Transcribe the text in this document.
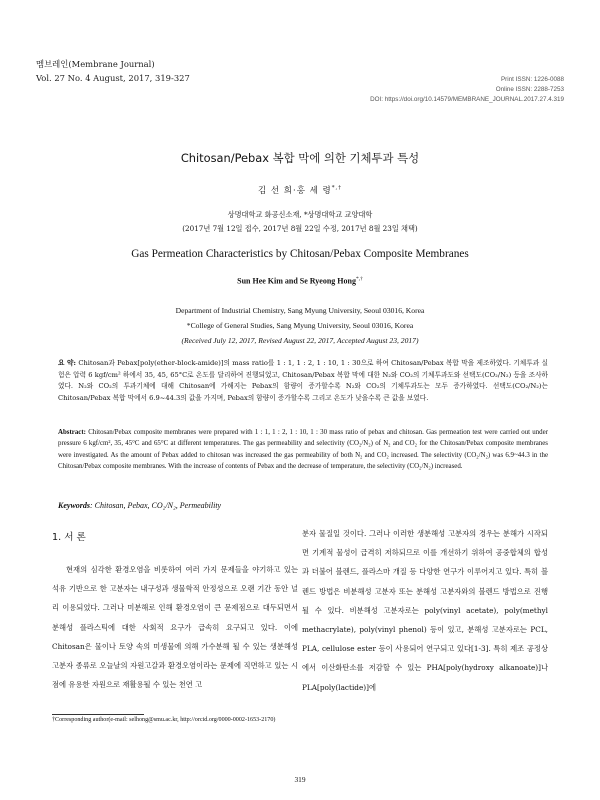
멤브레인(Membrane Journal)
Vol. 27 No. 4 August, 2017, 319-327	Print ISSN: 1226-0088
Online ISSN: 2288-7253
DOI: https://doi.org/10.14579/MEMBRANE_JOURNAL.2017.27.4.319
Chitosan/Pebax 복합 막에 의한 기체투과 특성
김 선 희·홍 세 령*,†
상명대학교 화공신소재, *상명대학교 교양대학
(2017년 7월 12일 접수, 2017년 8월 22일 수정, 2017년 8월 23일 채택)
Gas Permeation Characteristics by Chitosan/Pebax Composite Membranes
Sun Hee Kim and Se Ryeong Hong*,†
Department of Industrial Chemistry, Sang Myung University, Seoul 03016, Korea
*College of General Studies, Sang Myung University, Seoul 03016, Korea
(Received July 12, 2017, Revised August 22, 2017, Accepted August 23, 2017)
요 약: Chitosan과 Pebax[poly(ether-block-amide)]의 mass ratio를 1 : 1, 1 : 2, 1 : 10, 1 : 30으로 하여 Chitosan/Pebax 복합 막을 제조하였다. 기체투과 실험은 압력 6 kgf/cm² 하에서 35, 45, 65°C로 온도를 달리하여 진행되었고, Chitosan/Pebax 복합 막에 대한 N₂와 CO₂의 기체투과도와 선택도(CO₂/N₂) 등을 조사하였다. N₂와 CO₂의 투과기체에 대해 Chitosan에 가해지는 Pebax의 함량이 증가할수록 N₂와 CO₂의 기체투과도는 모두 증가하였다. 선택도(CO₂/N₂)는 Chitosan/Pebax 복합 막에서 6.9~44.3의 값을 가지며, Pebax의 함량이 증가할수록 그리고 온도가 낮을수록 큰 값을 보였다.
Abstract: Chitosan/Pebax composite membranes were prepared with 1 : 1, 1 : 2, 1 : 10, 1 : 30 mass ratio of pebax and chitosan. Gas permeation test were carried out under pressure 6 kgf/cm², 35, 45°C and 65°C at different temperatures. The gas permeability and selectivity (CO₂/N₂) of N₂ and CO₂ for the Chitosan/Pebax composite membranes were investigated. As the amount of Pebax added to chitosan was increased the gas permeability of both N₂ and CO₂ increased. The selectivity (CO₂/N₂) was 6.9~44.3 in the Chitosan/Pebax composite membranes. With the increase of contents of Pebax and the decrease of temperature, the selectivity (CO₂/N₂) increased.
Keywords: Chitosan, Pebax, CO₂/N₂, Permeability
1. 서 론

현재의 심각한 환경오염을 비롯하여 여러 가지 문제들을 야기하고 있는 석유 기반으로 한 고분자는 내구성과 생물학적 안정성으로 오랜 기간 동안 널리 이용되었다. 그러나 미분해로 인해 환경오염이 큰 문제점으로 대두되면서 분해성 플라스틱에 대한 사회적 요구가 급속히 요구되고 있다. 이에 Chitosan은 물이나 토양 속의 미생물에 의해 가수분해 될 수 있는 생분해성 고분자 종류로 오늘날의 자원고갈과 환경오염이라는 문제에 직면하고 있는 시점에 유용한 자원으로 재활용될 수 있는 천연 고

분자 물질일 것이다. 그러나 이러한 생분해성 고분자의 경우는 분해가 시작되면 기계적 물성이 급격히 저하되므로 이를 개선하기 위하여 공중합체의 합성과 더불어 블렌드, 플라스마 개질 등 다양한 연구가 이루어지고 있다. 특히 블렌드 방법은 비분해성 고분자 또는 분해성 고분자와의 블렌드 방법으로 진행될 수 있다. 비분해성 고분자로는 poly(vinyl acetate), poly(methyl methacrylate), poly(vinyl phenol) 등이 있고, 분해성 고분자로는 PCL, PLA, cellulose ester 등이 사용되어 연구되고 있다[1-3]. 특히 제조 공정상에서 이산화탄소를 저감할 수 있는 PHA[poly(hydroxy alkanoate)]나 PLA[poly(lactide)]에

†Corresponding author(e-mail: selhong@smu.ac.kr, http://orcid.org/0000-0002-1653-2170)
319
